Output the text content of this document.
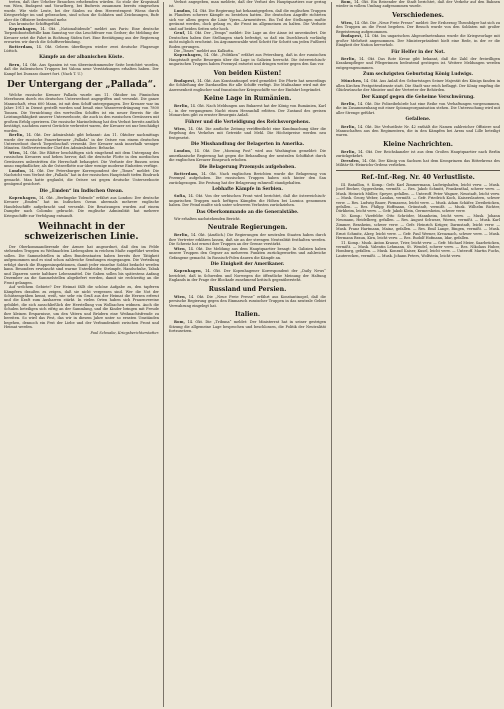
treten, daß ihre Urheber Brauchen erhebenden würden. So stolz der Kropsinaß von Wien, Budapest und Vorarlberg, bei Budweis zusammen bereits eingesehen wurde. Wie viele Leute, bei der Säulen zu dem Heerestenpest Wiens durch Kriegserfolge im und gebrauchen, sind schon die Soldaten und Zeichnungen, Rufe aber die Offiziere bedeutend mehr.

Das kronische Schiffsgefühl.

Kopenhagen, 14. Okt. „Nationaltidende“ meldet aus Paris: Eine deutsche Torpedobootsflottille kam Samstag vor das Leuchtfeuer von Gedser; die Meldung der Kreuzer setzt die Fahrt in Richtung Süden fort. Eine Bestätigung aus der Regierung erwarten wir durch die Schiffsverbindung.

Rotterdam, 14. Okt. Gebern überfliegen wieder zwei deutsche Flugzeuge Lüttich.

Kämpfe an der albanischen Küste.

Bern, 14. Okt. Aus Spanien ist von übereinstimmender Seite berichtet worden, daß die italienischen Truppen bei Valona neue Verstärkungen erhalten haben. Der Kampf bei Durazzo dauert fort. (Nach T. U.)

Der Untergang der „Pallada“.

Welche russische Kreuzer Pallada wurde am 11. Oktober im Finnischen Meerbusen durch ein deutsches Unterseeboot angegriffen und versenkt. Die ganze Mannschaft, etwa 600 Mann, ist mit dem Schiff untergegangen. Der Kreuzer war im Jahre 1911 in Dienst gestellt worden und besaß eine Wasserverdrängung von 7800 Tonnen. Die Vernichtung des wertvollen Schiffes ist ein neuer Beweis für die Leistungsfähigkeit unserer Unterseeboote, die auch in den russischen Gewässern mit großem Erfolg operieren. Die russische Marineleitung hat den Verlust bereits amtlich bestätigt, nachdem zuerst Gerüchte verbreitet waren, der Kreuzer sei nur beschädigt worden.

Berlin, 14. Okt. Der Admiralstab gibt bekannt: Am 11. Oktober nachmittags wurde der russische Panzerkreuzer „Pallada“ in der Ostsee von einem deutschen Unterseeboot durch Torpedoschuß versenkt. Der Kreuzer sank innerhalb weniger Minuten. Stellvertretender Chef des Admiralstabes: Behncke.

Wien, 14. Okt. Die Blätter beschäftigen sich eingehend mit dem Untergang des russischen Kreuzers und heben hervor, daß die deutsche Flotte in den nordischen Gewässern unbestritten die Herrschaft behauptet. Die Verluste der Russen seien umso empfindlicher, als die Ostseeflotte nur über wenige moderne Einheiten verfüge.

London, 14. Okt. Der Petersburger Korrespondent der „Times“ meldet: Die Nachricht vom Verlust der „Pallada“ hat in der russischen Hauptstadt tiefen Eindruck gemacht. Man hatte geglaubt, die Ostsee sei gegen deutsche Unterseeboote genügend gesichert.

Die „Emden“ im Indischen Ozean.

Kopenhagen, 14. Okt. „Berlingske Tidende“ erfährt aus London: Der deutsche Kreuzer „Emden“ hat im Indischen Ozean abermals mehrere englische Handelsschiffe aufgebracht und versenkt. Die Besatzungen wurden auf einem Dampfer nach Colombo gebracht. Die englische Admiralität hat mehrere Kriegsschiffe zur Verfolgung entsandt.

Weihnacht in der schweizerischen Linie.

Der Oberkommandierende der Armee hat angeordnet, daß den im Felde stehenden Truppen zu Weihnachten Liebesgaben in reichem Maße zugeführt werden sollen. Die Sammelstellen in allen Bundesstaaten haben bereits ihre Tätigkeit aufgenommen und es sind schon zahlreiche Sendungen eingegangen. Die Verteilung erfolgt durch die Etappeninspektionen, damit jeder einzelne Soldat bedacht werden kann. Besonders erwünscht sind warme Unterkleider, Strümpfe, Handschuhe, Tabak und Zigarren sowie haltbare Lebensmittel. Die Gaben sollen bis spätestens Anfang Dezember an die Sammelstellen abgeliefert werden, damit sie rechtzeitig an die Front gelangen.

Auf welchem Gebiete? Der Heimat fällt die schöne Aufgabe zu, den tapferen Kämpfern draußen zu zeigen, daß sie nicht vergessen sind. Wer die Not der Schützengräben kennt, weiß, wie sehr ein Gruß aus der Heimat die Herzen erfreut und die Kraft zum Ausharren stärkt. In vielen Orten haben sich Frauenvereine gebildet, die sich ausschließlich der Herstellung von Wollsachen widmen. Auch die Schulen beteiligen sich eifrig an der Sammlung, und die Kinder bringen mit Freude ihre kleinen Ersparnisse, um den Vätern und Brüdern eine Weihnachtsfreude zu bereiten. So wird das Fest, das wir in diesem Jahre unter so ernsten Umständen begehen, dennoch ein Fest der Liebe und der Verbundenheit zwischen Front und Heimat werden.

Paul Schwabe, Kriegsberichterstatter.

Verlust angegeben, man meldete, daß der Verlust des Hauptquartiers nur gering ist.

London, 14. Okt. Die Regierung hat bekanntgegeben, daß die englischen Truppen in Flandern schwere Kämpfe zu bestehen hatten. Die deutschen Angriffe richteten sich vor allem gegen die Linie Ypern—Armentières. Ein Teil der Stellungen mußte geräumt werden, doch gelang es, die Front im allgemeinen zu halten. Die Verluste sind auf beiden Seiten sehr hoch.

Genf, 14. Okt. Der „Temps“ meldet: Die Lage an der Aisne ist unverändert. Die Deutschen haben ihre Stellungen stark befestigt, so daß ein Durchbruch vorläufig nicht möglich erscheint. Im Argonnenwalde wird Schritt für Schritt um jeden Fußbreit Boden gerungen.

Die „Times“ meldet aus Kalkutta.

Kopenhagen, 14. Okt. „Politiken“ erfährt aus Petersburg, daß in der russischen Hauptstadt große Besorgnis über die Lage in Galizien herrscht. Die österreichisch-ungarischen Truppen haben Przemysl entsetzt und dringen weiter gegen den San vor.

Von beiden Küsten!

Budapest, 14. Okt. Aus Konstantinopel wird gemeldet: Die Pforte hat neuerdings die Schließung der Dardanellen für alle Schiffe verfügt. Die Maßnahme wird mit der Anwesenheit englischer und französischer Kriegsschiffe vor der Einfahrt begründet.

Keine Lage in Rumänien.

Berlin, 14. Okt. Nach Meldungen aus Bukarest hat der König von Rumänien, Karl I., in der vergangenen Nacht einen Herzanfall erlitten. Der Zustand des greisen Monarchen gibt zu ernster Besorgnis Anlaß.

Führer und die Verteidigung des Reichsvorgehens.

Wien, 14. Okt. Die amtliche Zeitung veröffentlicht eine Kundmachung über die Regelung des Verkehrs mit Getreide und Mehl. Die Höchstpreise werden neu festgesetzt.

Die Misshandlung der Belagerten in Amerika.

London, 14. Okt. Der „Morning Post“ wird aus Washington gemeldet: Die amerikanische Regierung hat gegen die Behandlung der neutralen Schiffahrt durch die englischen Kreuzer Einspruch erhoben.

Die Belagerung Przemysls aufgehoben.

Rotterdam, 14. Okt. Nach englischen Berichten wurde die Belagerung von Przemysl aufgehoben. Die russischen Truppen haben sich hinter den San zurückgezogen. Die Festung hat der Belagerung ruhmvoll standgehalten.

Lebhafte Kämpfe in Serbien.

Sofia, 14. Okt. Von der serbischen Front wird berichtet, daß die österreichisch-ungarischen Truppen nach heftigen Kämpfen die Höhen bei Loznica genommen haben. Der Feind mußte sich unter schweren Verlusten zurückziehen.

Das Oberkommando an die Generalstäbe.

Wir erhalten nachstehenden Bericht.

Neutrale Regierungen.

Berlin, 14. Okt. (Amtlich.) Die Regierungen der neutralen Staaten haben durch ihre Vertreter erklären lassen, daß sie an der strengen Neutralität festhalten werden. Die Schweiz hat erneut ihre Truppen an der Grenze verstärkt.

Wien, 14. Okt. Die Meldung aus dem Hauptquartier besagt: In Galizien haben unsere Truppen den Gegner an mehreren Punkten zurückgeworfen und zahlreiche Gefangene gemacht. In Russisch-Polen dauern die Kämpfe an.

Die Einigkeit der Amerikaner.

Kopenhagen, 14. Okt. Der Kopenhagener Korrespondent der „Daily News“ berichtet, daß in Schweden und Norwegen die öffentliche Meinung der Haltung Englands in der Frage der Blockade zunehmend kritisch gegenübersteht.

Russland und Persien.

Wien, 14. Okt. Die „Neue Freie Presse“ erfährt aus Konstantinopel, daß die persische Regierung gegen den Einmarsch russischer Truppen in das neutrale Gebiet Verwahrung eingelegt hat.

Italien.

Rom, 14. Okt. Die „Tribuna“ meldet: Der Ministerrat hat in seiner gestrigen Sitzung die allgemeine Lage besprochen und beschlossen, die Politik der Neutralität fortzusetzen.

Rom, 14. Okt. Ein Reisender der Stadt berichtet, daß der Verkehr auf den Bahnen wieder in vollem Umfang aufgenommen wurde.

Verschiedenes.

Wien, 14. Okt. Die „Neue Freie Presse“ meldet: Der Erzherzog Thronfolger hat sich zu den Truppen an die Front begeben. Der Besuch wurde von den Soldaten mit großer Begeisterung aufgenommen.

Budapest, 14. Okt. Im ungarischen Abgeordnetenhaus wurde die Kriegsvorlage mit großer Mehrheit angenommen. Der Ministerpräsident hielt eine Rede, in der er die Einigkeit der Nation hervorhob.

Für Helfer in der Not.

Berlin, 14. Okt. Das Rote Kreuz gibt bekannt, daß die Zahl der freiwilligen Krankenpfleger und Pflegerinnen bedeutend gestiegen ist. Weitere Meldungen werden entgegengenommen.

Zum sechzigsten Geburtstag König Ludwigs.

München, 14. Okt. Aus Anlaß des Geburtstages Seiner Majestät des Königs fanden in allen Kirchen Festgottesdienste statt. Die Stadt war reich beflaggt. Der König empfing die Glückwünsche der Minister und der Vertreter der Behörden.

Der Kampf gegen die Geheime Verschwörung.

Berlin, 14. Okt. Die Polizeibehörde hat eine Reihe von Verhaftungen vorgenommen, die im Zusammenhang mit einer Spionageorganisation stehen. Die Untersuchung wird mit aller Strenge geführt.

Gefallene.

Berlin, 14. Okt. Die Verlustliste Nr. 42 enthält die Namen zahlreicher Offiziere und Mannschaften aus den Regimentern, die in den Kämpfen bei Arras und Lille beteiligt waren.

Kleine Nachrichten.

Berlin, 14. Okt. Der Reichskanzler ist aus dem Großen Hauptquartier nach Berlin zurückgekehrt.

Dresden, 14. Okt. Der König von Sachsen hat dem Kronprinzen das Ritterkreuz des Militär-St.-Heinrichs-Ordens verliehen.

Ref.-Inf.-Reg. Nr. 40 Verlustliste.

III. Bataillon, 9. Komp.: Gefr. Karl Zimmermann, Ludwigshafen, leicht verw. — Musk. Josef Becker, Oggersheim, vermißt. — Res. Jakob Schmitt, Frankenthal, schwer verw. — Musk. Heinrich Müller, Speyer, gefallen. — Unteroff. Peter Wagner, Neustadt, leicht verw. — Musk. Georg Weber, Landau, vermißt. — Gefr. Friedrich Koch, Kaiserslautern, schwer verw. — Res. Ludwig Bauer, Pirmasens, leicht verw. — Musk. Adam Schäfer, Zweibrücken, gefallen. — Res. Philipp Hoffmann, Grünstadt, vermißt. — Musk. Wilhelm Richter, Dürkheim, leicht verw. — Gefr. Jakob Klein, Germersheim, schwer verw.

10. Komp.: Vizefeldw. Otto Schröder, Mannheim, leicht verw. — Musk. Johann Neumann, Heidelberg, gefallen. — Res. August Schwarz, Worms, vermißt. — Musk. Karl Zimmer, Bensheim, schwer verw. — Gefr. Heinrich Krüger, Darmstadt, leicht verw. — Musk. Franz Hartmann, Mainz, gefallen. — Res. Emil Lange, Bingen, vermißt. — Musk. Ernst Schmitz, Alzey, leicht verw. — Gefr. Paul Werner, Kreuznach, schwer verw. — Musk. Hermann Braun, Kirn, leicht verw. — Res. Rudolf Hofmann, Idar, gefallen.

11. Komp.: Musk. Anton Krause, Trier, leicht verw. — Gefr. Michael Meier, Saarbrücken, vermißt. — Musk. Valentin Lehmann, St. Wendel, schwer verw. — Res. Nikolaus Huber, Homburg, gefallen. — Musk. Konrad Kaiser, Kusel, leicht verw. — Unteroff. Martin Fuchs, Lauterecken, vermißt. — Musk. Johann Peters, Wolfstein, leicht verw.
